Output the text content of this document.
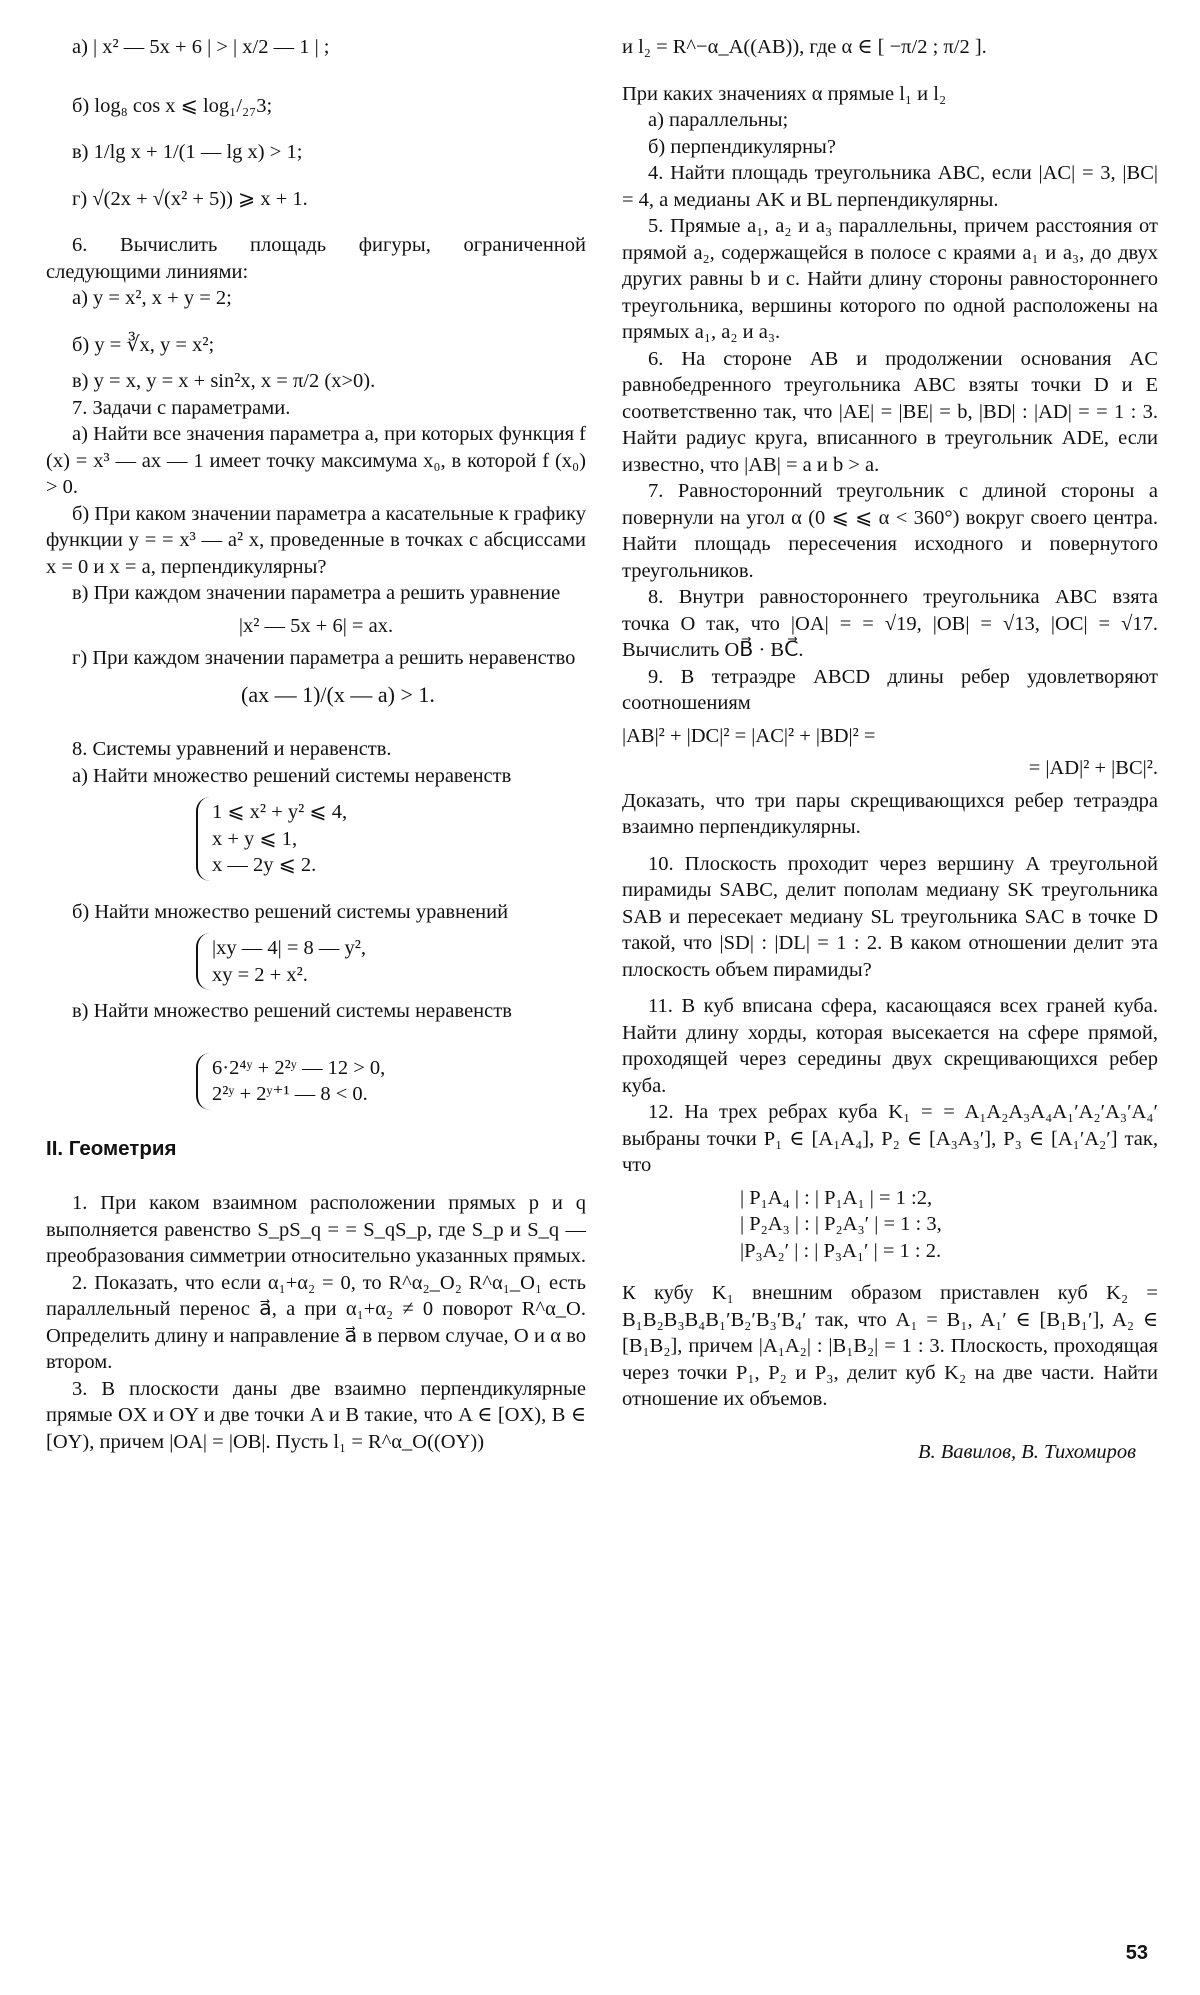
а) | x² — 5x + 6 | > | x/2 — 1 | ;

б) log₈ cos x ⩽ log₁/₂₇3;

в) 1/lg x + 1/(1 — lg x) > 1;

г) √(2x + √(x² + 5)) ⩾ x + 1.

6. Вычислить площадь фигуры, ограниченной следующими линиями:

а) y = x², x + y = 2;

б) y = ∛x, y = x²;

в) y = x, y = x + sin²x, x = π/2 (x>0).

7. Задачи с параметрами.

а) Найти все значения параметра a, при которых функция f (x) = x³ — ax — 1 имеет точку максимума x₀, в которой f (x₀) > 0.

б) При каком значении параметра a касательные к графику функции y = = x³ — a² x, проведенные в точках с абсциссами x = 0 и x = a, перпендикулярны?

в) При каждом значении параметра a решить уравнение

|x² — 5x + 6| = ax.

г) При каждом значении параметра a решить неравенство

(ax — 1)/(x — a) > 1.

8. Системы уравнений и неравенств.

а) Найти множество решений системы неравенств

1 ⩽ x² + y² ⩽ 4,
x + y ⩽ 1,
x — 2y ⩽ 2.

б) Найти множество решений системы уравнений

|xy — 4| = 8 — y²,
xy = 2 + x².

в) Найти множество решений системы неравенств

6·2⁴ʸ + 2²ʸ — 12 > 0,
2²ʸ + 2ʸ⁺¹ — 8 < 0.

II. Геометрия

1. При каком взаимном расположении прямых p и q выполняется равенство S_pS_q = = S_qS_p, где S_p и S_q — преобразования симметрии относительно указанных прямых.

2. Показать, что если α₁+α₂ = 0, то R^α₂_O₂ R^α₁_O₁ есть параллельный перенос a⃗, а при α₁+α₂ ≠ 0 поворот R^α_O. Определить длину и направление a⃗ в первом случае, O и α во втором.

3. В плоскости даны две взаимно перпендикулярные прямые OX и OY и две точки A и B такие, что A ∈ [OX), B ∈ [OY), причем |OA| = |OB|. Пусть l₁ = R^α_O((OY))

и l₂ = R^−α_A((AB)), где α ∈ [ −π/2 ; π/2 ].

При каких значениях α прямые l₁ и l₂

а) параллельны;

б) перпендикулярны?

4. Найти площадь треугольника ABC, если |AC| = 3, |BC| = 4, а медианы AK и BL перпендикулярны.

5. Прямые a₁, a₂ и a₃ параллельны, причем расстояния от прямой a₂, содержащейся в полосе с краями a₁ и a₃, до двух других равны b и c. Найти длину стороны равностороннего треугольника, вершины которого по одной расположены на прямых a₁, a₂ и a₃.

6. На стороне AB и продолжении основания AC равнобедренного треугольника ABC взяты точки D и E соответственно так, что |AE| = |BE| = b, |BD| : |AD| = = 1 : 3. Найти радиус круга, вписанного в треугольник ADE, если известно, что |AB| = a и b > a.

7. Равносторонний треугольник с длиной стороны a повернули на угол α (0 ⩽ ⩽ α < 360°) вокруг своего центра. Найти площадь пересечения исходного и повернутого треугольников.

8. Внутри равностороннего треугольника ABC взята точка O так, что |OA| = = √19, |OB| = √13, |OC| = √17. Вычислить OB⃗ · BC⃗.

9. В тетраэдре ABCD длины ребер удовлетворяют соотношениям

|AB|² + |DC|² = |AC|² + |BD|² =

= |AD|² + |BC|².

Доказать, что три пары скрещивающихся ребер тетраэдра взаимно перпендикулярны.

10. Плоскость проходит через вершину A треугольной пирамиды SABC, делит пополам медиану SK треугольника SAB и пересекает медиану SL треугольника SAC в точке D такой, что |SD| : |DL| = 1 : 2. В каком отношении делит эта плоскость объем пирамиды?

11. В куб вписана сфера, касающаяся всех граней куба. Найти длину хорды, которая высекается на сфере прямой, проходящей через середины двух скрещивающихся ребер куба.

12. На трех ребрах куба K₁ = = A₁A₂A₃A₄A₁′A₂′A₃′A₄′ выбраны точки P₁ ∈ [A₁A₄], P₂ ∈ [A₃A₃′], P₃ ∈ [A₁′A₂′] так, что

| P₁A₄ | : | P₁A₁ | = 1 :2,
| P₂A₃ | : | P₂A₃′ | = 1 : 3,
|P₃A₂′ | : | P₃A₁′ | = 1 : 2.

К кубу K₁ внешним образом приставлен куб K₂ = B₁B₂B₃B₄B₁′B₂′B₃′B₄′ так, что A₁ = B₁, A₁′ ∈ [B₁B₁′], A₂ ∈ [B₁B₂], причем |A₁A₂| : |B₁B₂| = 1 : 3. Плоскость, проходящая через точки P₁, P₂ и P₃, делит куб K₂ на две части. Найти отношение их объемов.

В. Вавилов, В. Тихомиров

53
